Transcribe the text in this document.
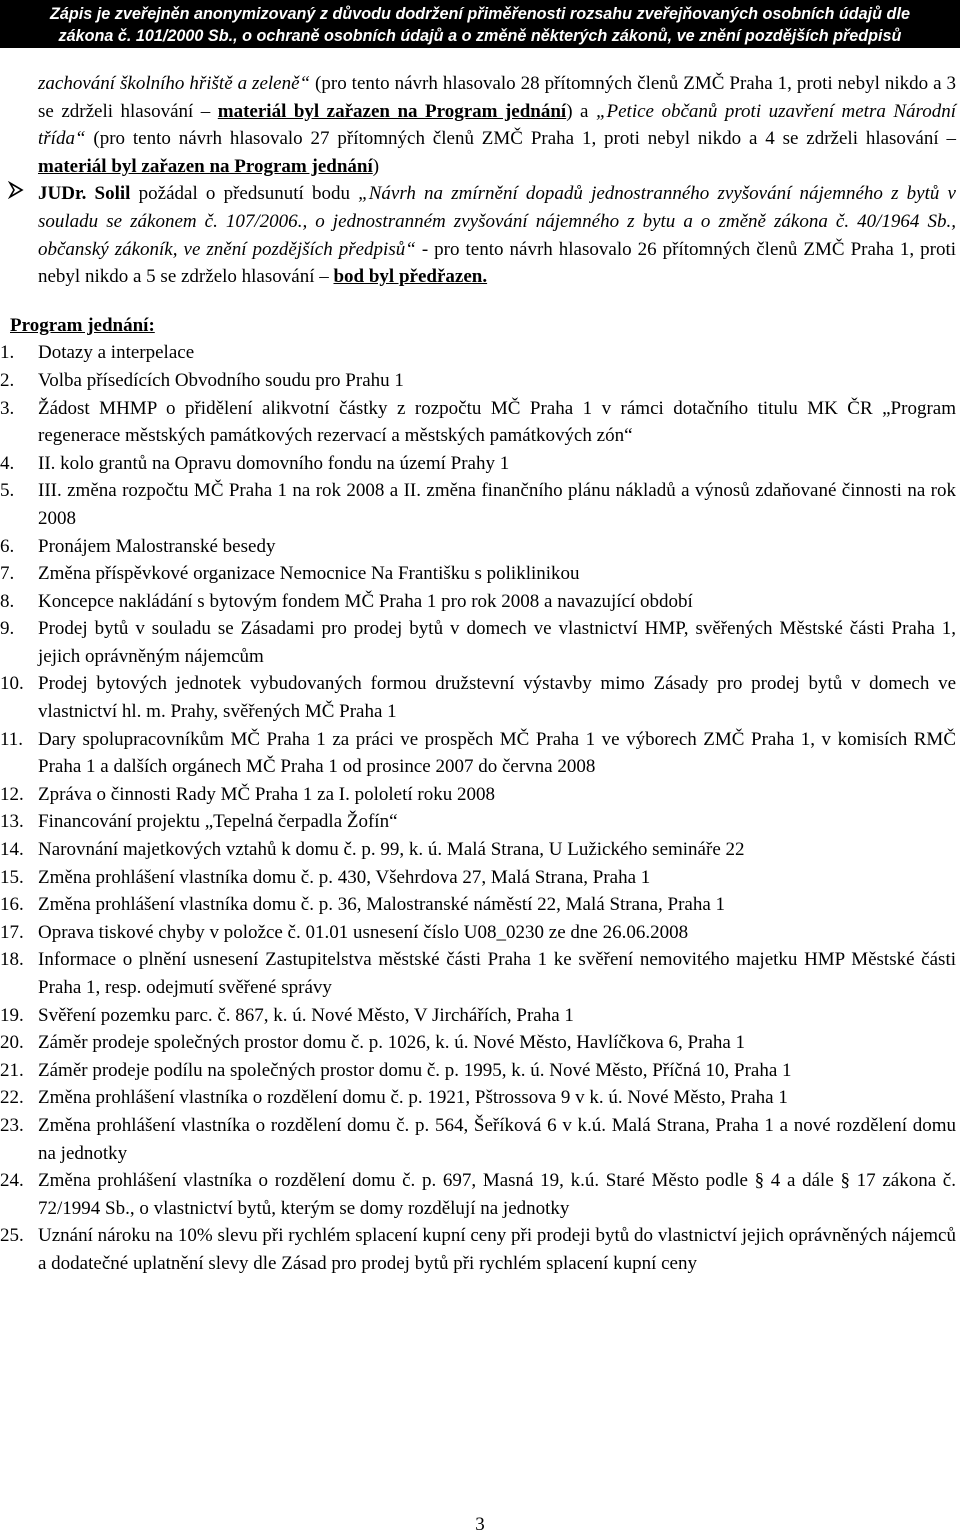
Zápis je zveřejněn anonymizovaný z důvodu dodržení přiměřenosti rozsahu zveřejňovaných osobních údajů dle
zákona č. 101/2000 Sb., o ochraně osobních údajů a o změně některých zákonů, ve znění pozdějších předpisů

zachování školního hřiště a zeleně“ (pro tento návrh hlasovalo 28 přítomných členů ZMČ Praha 1, proti nebyl nikdo a 3 se zdrželi hlasování – materiál byl zařazen na Program jednání) a „Petice občanů proti uzavření metra Národní třída“ (pro tento návrh hlasovalo 27 přítomných členů ZMČ Praha 1, proti nebyl nikdo a 4 se zdrželi hlasování – materiál byl zařazen na Program jednání)

JUDr. Solil požádal o předsunutí bodu „Návrh na zmírnění dopadů jednostranného zvyšování nájemného z bytů v souladu se zákonem č. 107/2006., o jednostranném zvyšování nájemného z bytu a o změně zákona č. 40/1964 Sb., občanský zákoník, ve znění pozdějších předpisů“ - pro tento návrh hlasovalo 26 přítomných členů ZMČ Praha 1, proti nebyl nikdo a 5 se zdrželo hlasování – bod byl předřazen.

Program jednání:
1.	Dotazy a interpelace
2.	Volba přísedících Obvodního soudu pro Prahu 1
3.	Žádost MHMP o přidělení alikvotní částky z rozpočtu MČ Praha 1 v rámci dotačního titulu MK ČR „Program regenerace městských památkových rezervací a městských památkových zón“
4.	II. kolo grantů na Opravu domovního fondu na území Prahy 1
5.	III. změna rozpočtu MČ Praha 1 na rok 2008 a II. změna finančního plánu nákladů a výnosů zdaňované činnosti na rok 2008
6.	Pronájem Malostranské besedy
7.	Změna příspěvkové organizace Nemocnice Na Františku s poliklinikou
8.	Koncepce nakládání s bytovým fondem MČ Praha 1 pro rok 2008 a navazující období
9.	Prodej bytů v souladu se Zásadami pro prodej bytů v domech ve vlastnictví HMP, svěřených Městské části Praha 1, jejich oprávněným nájemcům
10. Prodej bytových jednotek vybudovaných formou družstevní výstavby mimo Zásady pro prodej bytů v domech ve vlastnictví hl. m. Prahy, svěřených MČ Praha 1
11. Dary spolupracovníkům MČ Praha 1 za práci ve prospěch MČ Praha 1 ve výborech ZMČ Praha 1, v komisích RMČ Praha 1 a dalších orgánech MČ Praha 1 od prosince 2007 do června 2008
12. Zpráva o činnosti Rady MČ Praha 1 za I. pololetí roku 2008
13. Financování projektu „Tepelná čerpadla Žofín“
14. Narovnání majetkových vztahů k domu č. p. 99, k. ú. Malá Strana, U Lužického semináře 22
15. Změna prohlášení vlastníka domu č. p. 430, Všehrdova 27, Malá Strana, Praha 1
16. Změna prohlášení vlastníka domu č. p. 36, Malostranské náměstí 22, Malá Strana, Praha 1
17. Oprava tiskové chyby v položce č. 01.01 usnesení číslo U08_0230 ze dne 26.06.2008
18. Informace o plnění usnesení Zastupitelstva městské části Praha 1 ke svěření nemovitého majetku HMP Městské části Praha 1, resp. odejmutí svěřené správy
19. Svěření pozemku parc. č. 867, k. ú. Nové Město, V Jirchářích, Praha 1
20. Záměr prodeje společných prostor domu č. p. 1026, k. ú. Nové Město, Havlíčkova 6, Praha 1
21. Záměr prodeje podílu na společných prostor domu č. p. 1995, k. ú. Nové Město, Příčná 10, Praha 1
22. Změna prohlášení vlastníka o rozdělení domu č. p. 1921, Pštrossova 9 v k. ú. Nové Město, Praha 1
23. Změna prohlášení vlastníka o rozdělení domu č. p. 564, Šeříková 6 v k.ú. Malá Strana, Praha 1 a nové rozdělení domu na jednotky
24. Změna prohlášení vlastníka o rozdělení domu č. p. 697, Masná 19, k.ú. Staré Město podle § 4 a dále § 17 zákona č. 72/1994 Sb., o vlastnictví bytů, kterým se domy rozdělují na jednotky
25. Uznání nároku na 10% slevu při rychlém splacení kupní ceny při prodeji bytů do vlastnictví jejich oprávněných nájemců a dodatečné uplatnění slevy dle Zásad pro prodej bytů při rychlém splacení kupní ceny
3
